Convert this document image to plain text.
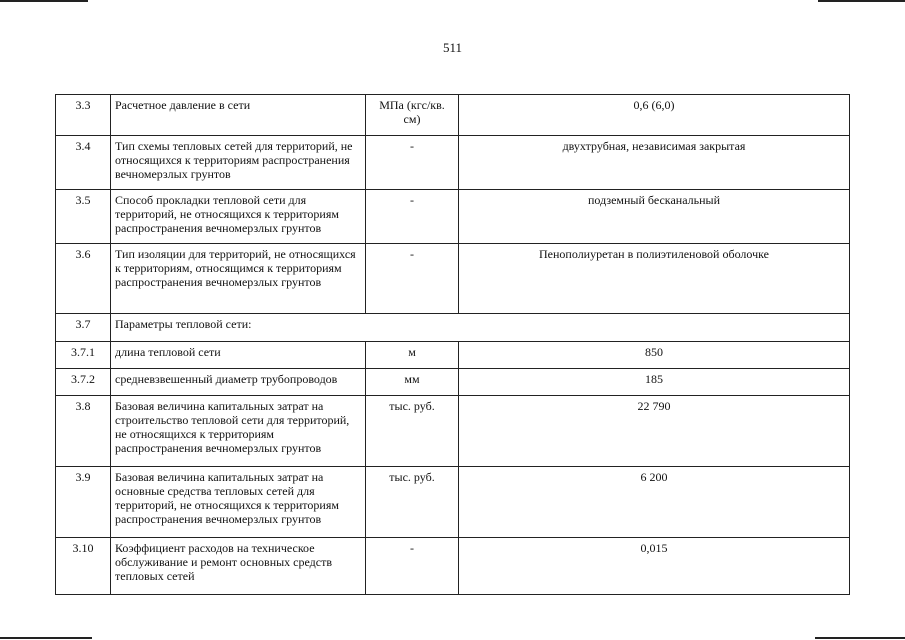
511
3.3	Расчетное давление в сети	МПа (кгс/кв. см)	0,6 (6,0)
3.4	Тип схемы тепловых сетей для территорий, не относящихся к территориям распространения вечномерзлых грунтов	-	двухтрубная, независимая закрытая
3.5	Способ прокладки тепловой сети для территорий, не относящихся к территориям распространения вечномерзлых грунтов	-	подземный бесканальный
3.6	Тип изоляции для территорий, не относящихся к территориям, относящимся к территориям распространения вечномерзлых грунтов	-	Пенополиуретан в полиэтиленовой оболочке
3.7	Параметры тепловой сети:		
3.7.1	длина тепловой сети	м	850
3.7.2	средневзвешенный диаметр трубопроводов	мм	185
3.8	Базовая величина капитальных затрат на строительство тепловой сети для территорий, не относящихся к территориям распространения вечномерзлых грунтов	тыс. руб.	22 790
3.9	Базовая величина капитальных затрат на основные средства тепловых сетей для территорий, не относящихся к территориям распространения вечномерзлых грунтов	тыс. руб.	6 200
3.10	Коэффициент расходов на техническое обслуживание и ремонт основных средств тепловых сетей	-	0,015
